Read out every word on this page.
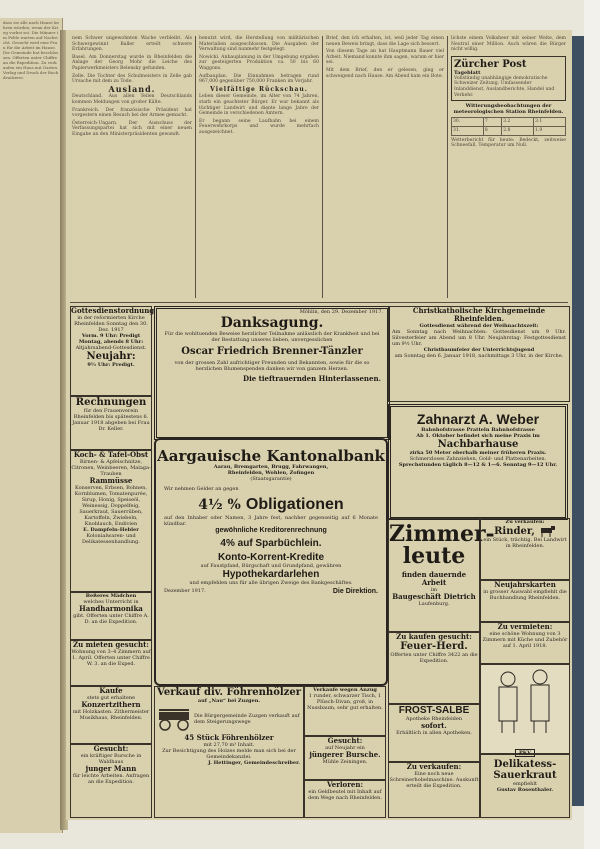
dass sie alle nach Hause kehren würden, wenn der Krieg vorbei sei. Die Männer im Felde warten auf Nachricht. Gesucht wird eine Frau für die Arbeit im Hause. Die Gemeinde hat beschlossen. Offerten unter Chiffre an die Expedition. Zu verkaufen ein Haus mit Garten. Verlag und Druck der Buchdruckerei.

nem Schwer ungewohnten Wache verbleibt. Als Schwergewinnt Baller erteilt schwere Erfahrungen.

Basel. Am Donnerstag wurde in Rheinfelden die Anlage der Georg Mohr die Leiche des Papierwerkmeisters Belensky gefunden.

Zelle. Die Tochter des Schulmeisters in Zelle gab Ursache mit dem zu Tode.

Ausland.

Deutschland. Aus allen Teilen Deutschlands kommen Meldungen von großer Kälte.

Frankreich. Der französische Präsident hat vorgestern einen Besuch bei der Armee gemacht.

Österreich-Ungarn. Der Ausschuss der Verfassungspartei hat sich mit einer neuen Eingabe an den Ministerpräsidenten gewandt.

benutzt wird, die Herstellung von militärischen Materialien ausgeschlossen. Die Ausgaben der Verwaltung sind nunmehr festgelegt.

Nowicki. Anbauplanung in der Umgebung ergaben zur gesteigerten Produktion ca. 50 bis 60 Waggons.

Aufbauplan. Die Einnahmen betragen rund 967,000 gegenüber 750,000 Franken im Vorjahr.

Vielfältige Rückschau.

Leben dieser Gemeinde, im Alter von 74 Jahren, starb ein geachteter Bürger. Er war bekannt als tüchtiger Landwirt und diente lange Jahre der Gemeinde in verschiedenen Ämtern.

Er begann seine Laufbahn bei einem Feuerwehrkorps und wurde mehrfach ausgezeichnet.

Brief, den ich erhalten, ist, weil jeder Tag einen neuen Beweis bringt, dass die Lage sich bessert.

Von diesem Tage an hat Hauptmann Bauer viel Arbeit. Niemand konnte ihm sagen, warum er hier sei.

Mit dem Brief, den er gelesen, ging er schweigend nach Hause. Am Abend kam ein Bote.

lichste einem Volksheer mit seiner Weite, dem Neutral einer Million. Auch wären die Bürger nicht willig.

Zürcher Post
Tageblatt
Vollständig unabhängige demokratische Schweizer Zeitung. Umfassender Inlanddienst, Auslandberichte, Handel und Verkehr.
Witterungsbeobachtungen der meteorologischen Station Rheinfelden.
30.	7	3.2	3.1
31.	8	2.8	1.9

Wetterbericht für heute: Bedeckt, zeitweise Schneefall, Temperatur um Null.

Gottesdienstordnung
in der reformierten Kirche Rheinfelden Sonntag den 30. Dez. 1917
Vorm. 9 Uhr: Predigt
Montag, abends 8 Uhr:
Altjahrsabend-Gottesdienst.
Neujahr:
9½ Uhr: Predigt.
Rechnungen
für den Frauenverein Rheinfelden bis spätestens 6. Januar 1918 abgeben bei Frau Dr. Keller.
Koch- & Tafel-Obst
Birnen- & Apfelschnitze, Citronen, Weinbeeren, Malaga-Trauben
Rammüsse
Konserven, Erbsen, Bohnen, Kornblumen, Tomatenpurée, Sirup, Honig, Speiseöl, Weinessig, Doppelfeig, Sauerkraut, Sauerrüben, Kartoffeln, Zwiebeln, Knoblauch, Endivien
E. Dampfeln-Hebler
Kolonialwaren- und Delikatessenhandlung.
Beßeres Mädchen
welches Unterricht in
Handharmonika
gibt. Offerten unter Chiffre A. D. an die Expedition.
Zu mieten gesucht:
Wohnung von 3–4 Zimmern auf 1. April. Offerten unter Chiffre W. 3. an die Exped.
Kaufe
stets gut erhaltene
Konzertzithern
mit Holzkasten. Zithermeister Musikhaus, Rheinfelden.
Gesucht:
ein kräftiger Bursche in Waldhaus
junger Mann
für leichte Arbeiten. Anfragen an die Expedition.
Möhlin, den 29. Dezember 1917.
Danksagung.
Für die wohltuenden Beweise herzlicher Teilnahme anlässlich der Krankheit und bei der Bestattung unseres lieben, unvergesslichen
Oscar Friedrich Brenner-Tänzler
von der grossen Zahl aufrichtiger Freunden und Bekannten, sowie für die so herzlichen Blumenspenden danken wir von ganzem Herzen.
Die tieftrauernden Hinterlassenen.
Aargauische Kantonalbank
Aarau, Bremgarten, Brugg, Fahrwangen,
Rheinfelden, Wohlen, Zofingen
(Staatsgarantie)
Wir nehmen Gelder an gegen
4½ % Obligationen
auf den Inhaber oder Namen, 3 Jahre fest, nachher gegenseitig auf 6 Monate kündbar.
gewöhnliche Kreditorenrechnung
4% auf Sparbüchlein.
Konto-Korrent-Kredite
auf Faustpfand, Bürgschaft und Grundpfand, gewähren
Hypothekardarlehen
und empfehlen uns für alle übrigen Zweige des Bankgeschäftes.
Dezember 1917.	Die Direktion.
Verkauf div. Föhrenhölzer
auf „Nau“ bei Zuzgen.
Die Bürgergemeinde Zuzgen verkauft auf dem Steigerungswege
45 Stück Föhrenhölzer
mit 27,70 m³ Inhalt.
Zur Besichtigung des Holzes melde man sich bei der Gemeindekanzlei.
J. Hettinger, Gemeindeschreiber.
Verkaufe wegen Anzug
1 runder, schwarzer Tisch, 1 Plüsch-Divan, groß, in Nussbaum, sehr gut erhalten.
Gesucht:
auf Neujahr ein
jüngerer Bursche.
Mühle Zeiningen.
Verloren:
ein Geldbeutel mit Inhalt auf dem Wege nach Rheinfelden.
Christkatholische Kirchgemeinde Rheinfelden.
Gottesdienst während der Weihnachtszeit:
Am Sonntag nach Weihnachten: Gottesdienst um 9 Uhr. Silvesterfeier am Abend um 8 Uhr. Neujahrstag: Festgottesdienst um 9½ Uhr.
Christbaumfeier der Unterrichtsjugend
am Sonntag den 6. Januar 1918, nachmittags 3 Uhr, in der Kirche.
Zahnarzt A. Weber
Bahnhofstrasse Pratteln Bahnhofstrasse
Ab 1. Oktober befindet sich meine Praxis im
Nachbarhause
zirka 50 Meter oberhalb meiner früheren Praxis.
Schmerzloses Zahnziehen, Gold- und Plattenarbeiten.
Sprechstunden täglich 8—12 & 1—6. Sonntag 9—12 Uhr.
Zimmer-leute
finden dauernde Arbeit
im
Baugeschäft Dietrich
Laufenburg.
Zu kaufen gesucht:
Feuer-Herd.
Offerten unter Chiffre 3422 an die Expedition.
FROST-SALBE
Apotheke Rheinfelden
sofort.
Erhältlich in allen Apotheken.
Zu verkaufen:
Eine noch neue Schreinerhobelmaschine. Auskunft erteilt die Expedition.
Zu verkaufen:
Rinder,
ein Stück, trächtig. Bei Landwirt in Rheinfelden.
Neujahrskarten
in grosser Auswahl empfiehlt die Buchhandlung Rheinfelden.
Zu vermieten:
eine schöne Wohnung von 3 Zimmern mit Küche und Zubehör auf 1. April 1918.
PKV
Delikatess-Sauerkraut
empfiehlt
Gustav Rosenthaler.
